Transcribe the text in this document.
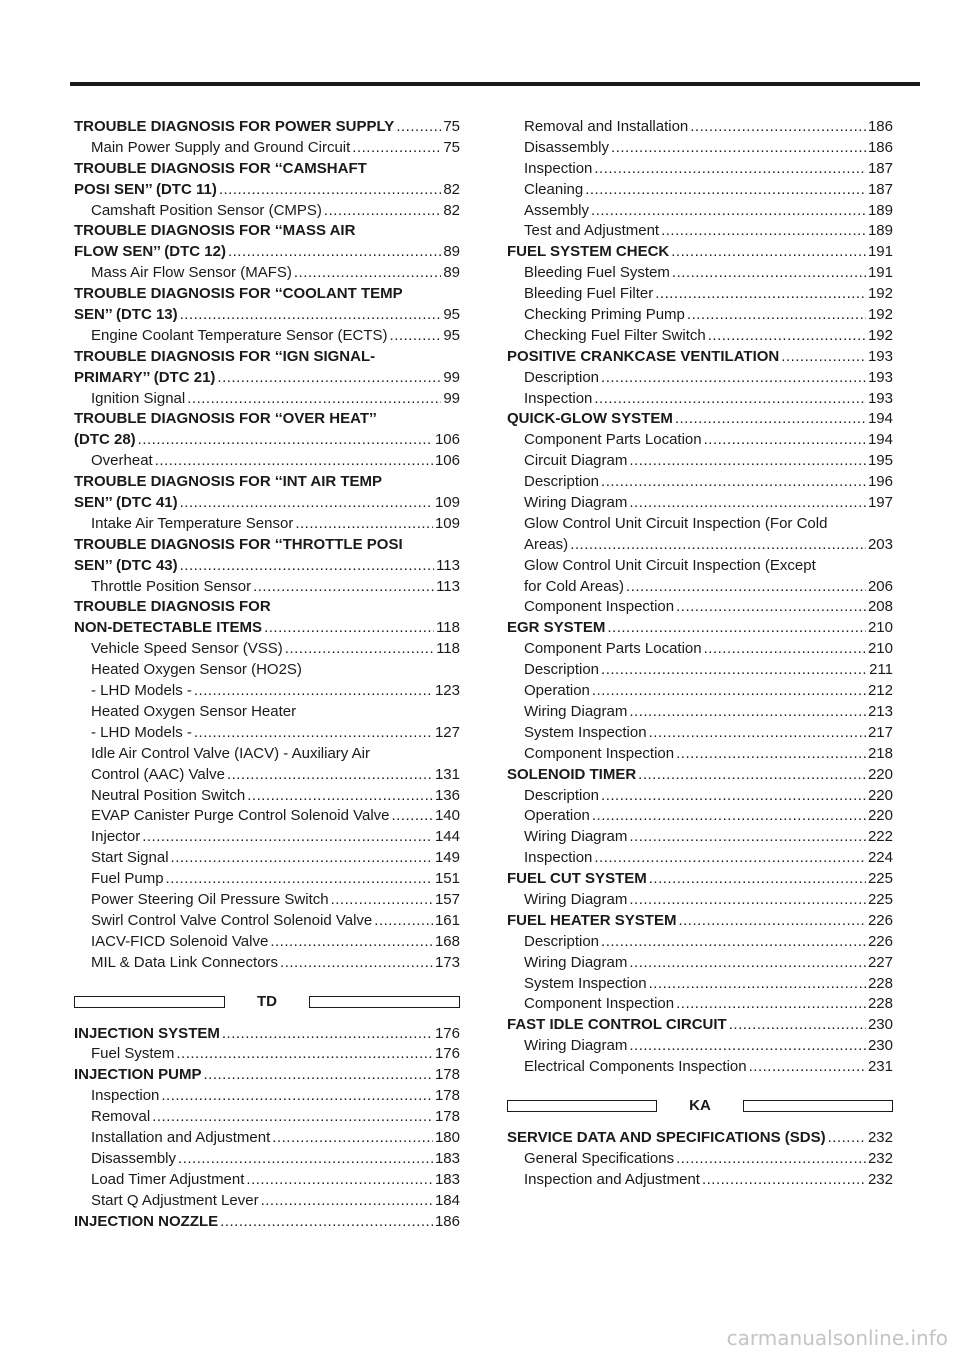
TROUBLE DIAGNOSIS FOR POWER SUPPLY .....	75
Main Power Supply and Ground Circuit .....	75
TROUBLE DIAGNOSIS FOR ‘‘CAMSHAFT
POSI SEN’’ (DTC 11) .....	82
Camshaft Position Sensor (CMPS) .....	82
TROUBLE DIAGNOSIS FOR ‘‘MASS AIR
FLOW SEN’’ (DTC 12) .....	89
Mass Air Flow Sensor (MAFS) .....	89
TROUBLE DIAGNOSIS FOR ‘‘COOLANT TEMP
SEN’’ (DTC 13) .....	95
Engine Coolant Temperature Sensor (ECTS) .....	95
TROUBLE DIAGNOSIS FOR ‘‘IGN SIGNAL-
PRIMARY’’ (DTC 21) .....	99
Ignition Signal .....	99
TROUBLE DIAGNOSIS FOR ‘‘OVER HEAT’’
(DTC 28) .....	106
Overheat .....	106
TROUBLE DIAGNOSIS FOR ‘‘INT AIR TEMP
SEN’’ (DTC 41) .....	109
Intake Air Temperature Sensor .....	109
TROUBLE DIAGNOSIS FOR ‘‘THROTTLE POSI
SEN’’ (DTC 43) .....	113
Throttle Position Sensor .....	113
TROUBLE DIAGNOSIS FOR
NON-DETECTABLE ITEMS .....	118
Vehicle Speed Sensor (VSS) .....	118
Heated Oxygen Sensor (HO2S)
- LHD Models - .....	123
Heated Oxygen Sensor Heater
- LHD Models - .....	127
Idle Air Control Valve (IACV) - Auxiliary Air
Control (AAC) Valve .....	131
Neutral Position Switch .....	136
EVAP Canister Purge Control Solenoid Valve .....	140
Injector .....	144
Start Signal .....	149
Fuel Pump .....	151
Power Steering Oil Pressure Switch .....	157
Swirl Control Valve Control Solenoid Valve .....	161
IACV-FICD Solenoid Valve .....	168
MIL & Data Link Connectors .....	173
TD
INJECTION SYSTEM .....	176
Fuel System .....	176
INJECTION PUMP .....	178
Inspection .....	178
Removal .....	178
Installation and Adjustment .....	180
Disassembly .....	183
Load Timer Adjustment .....	183
Start Q Adjustment Lever .....	184
INJECTION NOZZLE .....	186
Removal and Installation .....	186
Disassembly .....	186
Inspection .....	187
Cleaning .....	187
Assembly .....	189
Test and Adjustment .....	189
FUEL SYSTEM CHECK .....	191
Bleeding Fuel System .....	191
Bleeding Fuel Filter .....	192
Checking Priming Pump .....	192
Checking Fuel Filter Switch .....	192
POSITIVE CRANKCASE VENTILATION .....	193
Description .....	193
Inspection .....	193
QUICK-GLOW SYSTEM .....	194
Component Parts Location .....	194
Circuit Diagram .....	195
Description .....	196
Wiring Diagram .....	197
Glow Control Unit Circuit Inspection (For Cold
Areas) .....	203
Glow Control Unit Circuit Inspection (Except
for Cold Areas) .....	206
Component Inspection .....	208
EGR SYSTEM .....	210
Component Parts Location .....	210
Description .....	211
Operation .....	212
Wiring Diagram .....	213
System Inspection .....	217
Component Inspection .....	218
SOLENOID TIMER .....	220
Description .....	220
Operation .....	220
Wiring Diagram .....	222
Inspection .....	224
FUEL CUT SYSTEM .....	225
Wiring Diagram .....	225
FUEL HEATER SYSTEM .....	226
Description .....	226
Wiring Diagram .....	227
System Inspection .....	228
Component Inspection .....	228
FAST IDLE CONTROL CIRCUIT .....	230
Wiring Diagram .....	230
Electrical Components Inspection .....	231
KA
SERVICE DATA AND SPECIFICATIONS (SDS) .....	232
General Specifications .....	232
Inspection and Adjustment .....	232
carmanualsonline.info
